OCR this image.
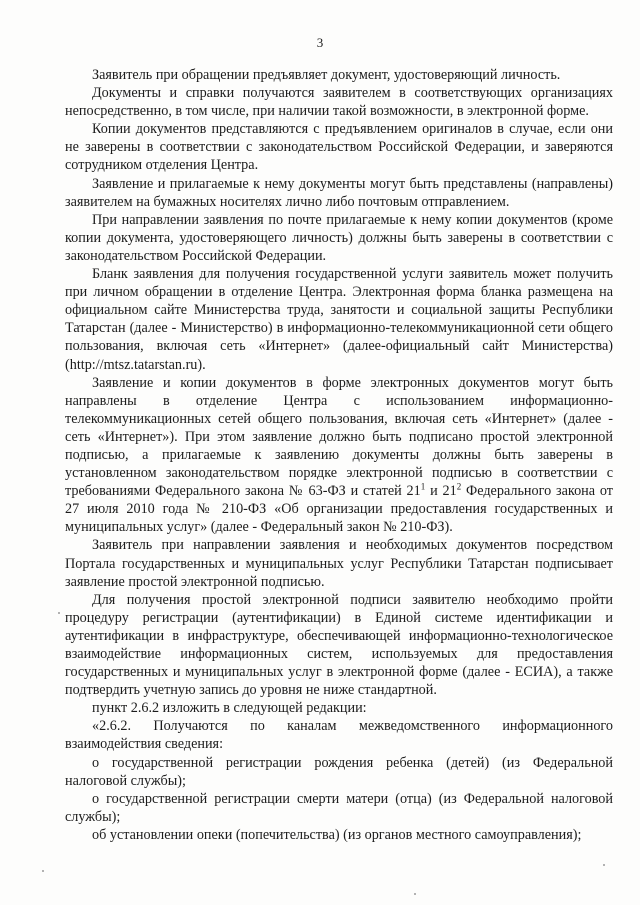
3

Заявитель при обращении предъявляет документ, удостоверяющий личность.

Документы и справки получаются заявителем в соответствующих организациях непосредственно, в том числе, при наличии такой возможности, в электронной форме.

Копии документов представляются с предъявлением оригиналов в случае, если они не заверены в соответствии с законодательством Российской Федерации, и заверяются сотрудником отделения Центра.

Заявление и прилагаемые к нему документы могут быть представлены (направлены) заявителем на бумажных носителях лично либо почтовым отправлением.

При направлении заявления по почте прилагаемые к нему копии документов (кроме копии документа, удостоверяющего личность) должны быть заверены в соответствии с законодательством Российской Федерации.

Бланк заявления для получения государственной услуги заявитель может получить при личном обращении в отделение Центра. Электронная форма бланка размещена на официальном сайте Министерства труда, занятости и социальной защиты Республики Татарстан (далее - Министерство) в информационно-телекоммуникационной сети общего пользования, включая сеть «Интернет» (далее-официальный сайт Министерства) (http://mtsz.tatarstan.ru).

Заявление и копии документов в форме электронных документов могут быть направлены в отделение Центра с использованием информационно-телекоммуникационных сетей общего пользования, включая сеть «Интернет» (далее - сеть «Интернет»). При этом заявление должно быть подписано простой электронной подписью, а прилагаемые к заявлению документы должны быть заверены в установленном законодательством порядке электронной подписью в соответствии с требованиями Федерального закона № 63-ФЗ и статей $21^1$ и $21^2$ Федерального закона от 27 июля 2010 года № 210-ФЗ «Об организации предоставления государственных и муниципальных услуг» (далее - Федеральный закон № 210-ФЗ).

Заявитель при направлении заявления и необходимых документов посредством Портала государственных и муниципальных услуг Республики Татарстан подписывает заявление простой электронной подписью.

Для получения простой электронной подписи заявителю необходимо пройти процедуру регистрации (аутентификации) в Единой системе идентификации и аутентификации в инфраструктуре, обеспечивающей информационно-технологическое взаимодействие информационных систем, используемых для предоставления государственных и муниципальных услуг в электронной форме (далее - ЕСИА), а также подтвердить учетную запись до уровня не ниже стандартной.

пункт 2.6.2 изложить в следующей редакции:

«2.6.2. Получаются по каналам межведомственного информационного взаимодействия сведения:

о государственной регистрации рождения ребенка (детей) (из Федеральной налоговой службы);

о государственной регистрации смерти матери (отца) (из Федеральной налоговой службы);

об установлении опеки (попечительства) (из органов местного самоуправления);
